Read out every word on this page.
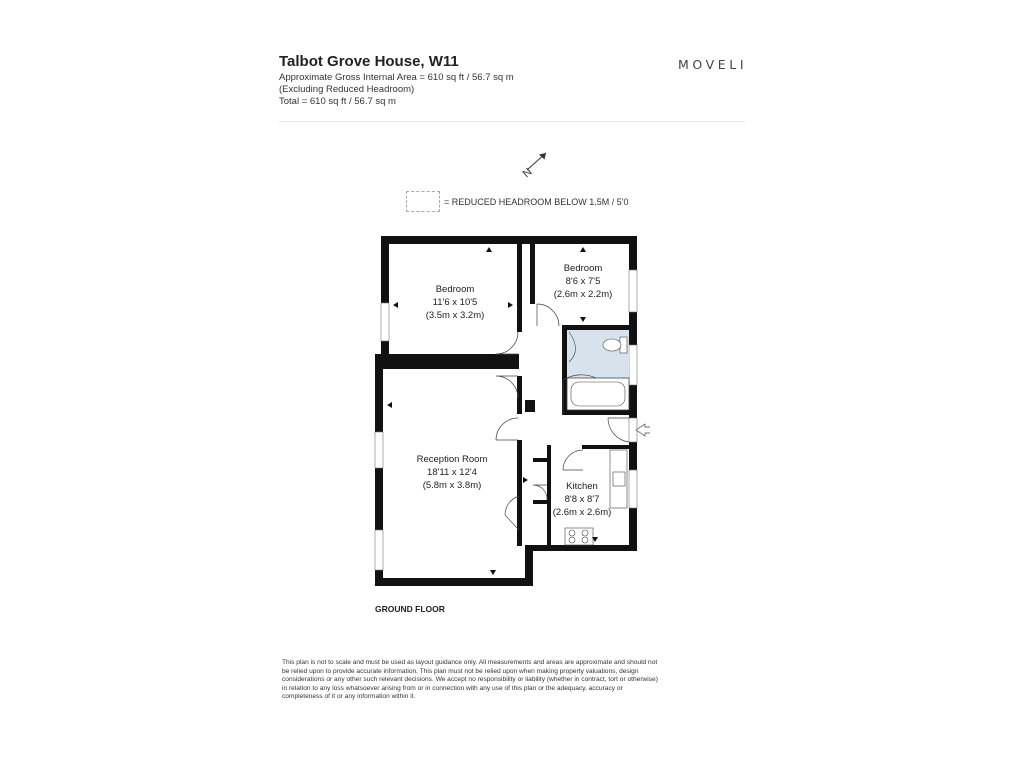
Talbot Grove House, W11
Approximate Gross Internal Area = 610 sq ft / 56.7 sq m
(Excluding Reduced Headroom)
Total = 610 sq ft / 56.7 sq m
MOVELI
N
= REDUCED HEADROOM BELOW 1.5M / 5'0
Bedroom
11'6 x 10'5
(3.5m x 3.2m)
Bedroom
8'6 x 7'5
(2.6m x 2.2m)
Reception Room
18'11 x 12'4
(5.8m x 3.8m)	Kitchen
8'8 x 8'7
(2.6m x 2.6m)
GROUND FLOOR
This plan is not to scale and must be used as layout guidance only. All measurements and areas are approximate and should not be relied upon to provide accurate information. This plan must not be relied upon when making property valuations, design considerations or any other such relevant decisions. We accept no responsibility or liability (whether in contract, tort or otherwise) in relation to any loss whatsoever arising from or in connection with any use of this plan or the adequacy, accuracy or completeness of it or any information within it.
